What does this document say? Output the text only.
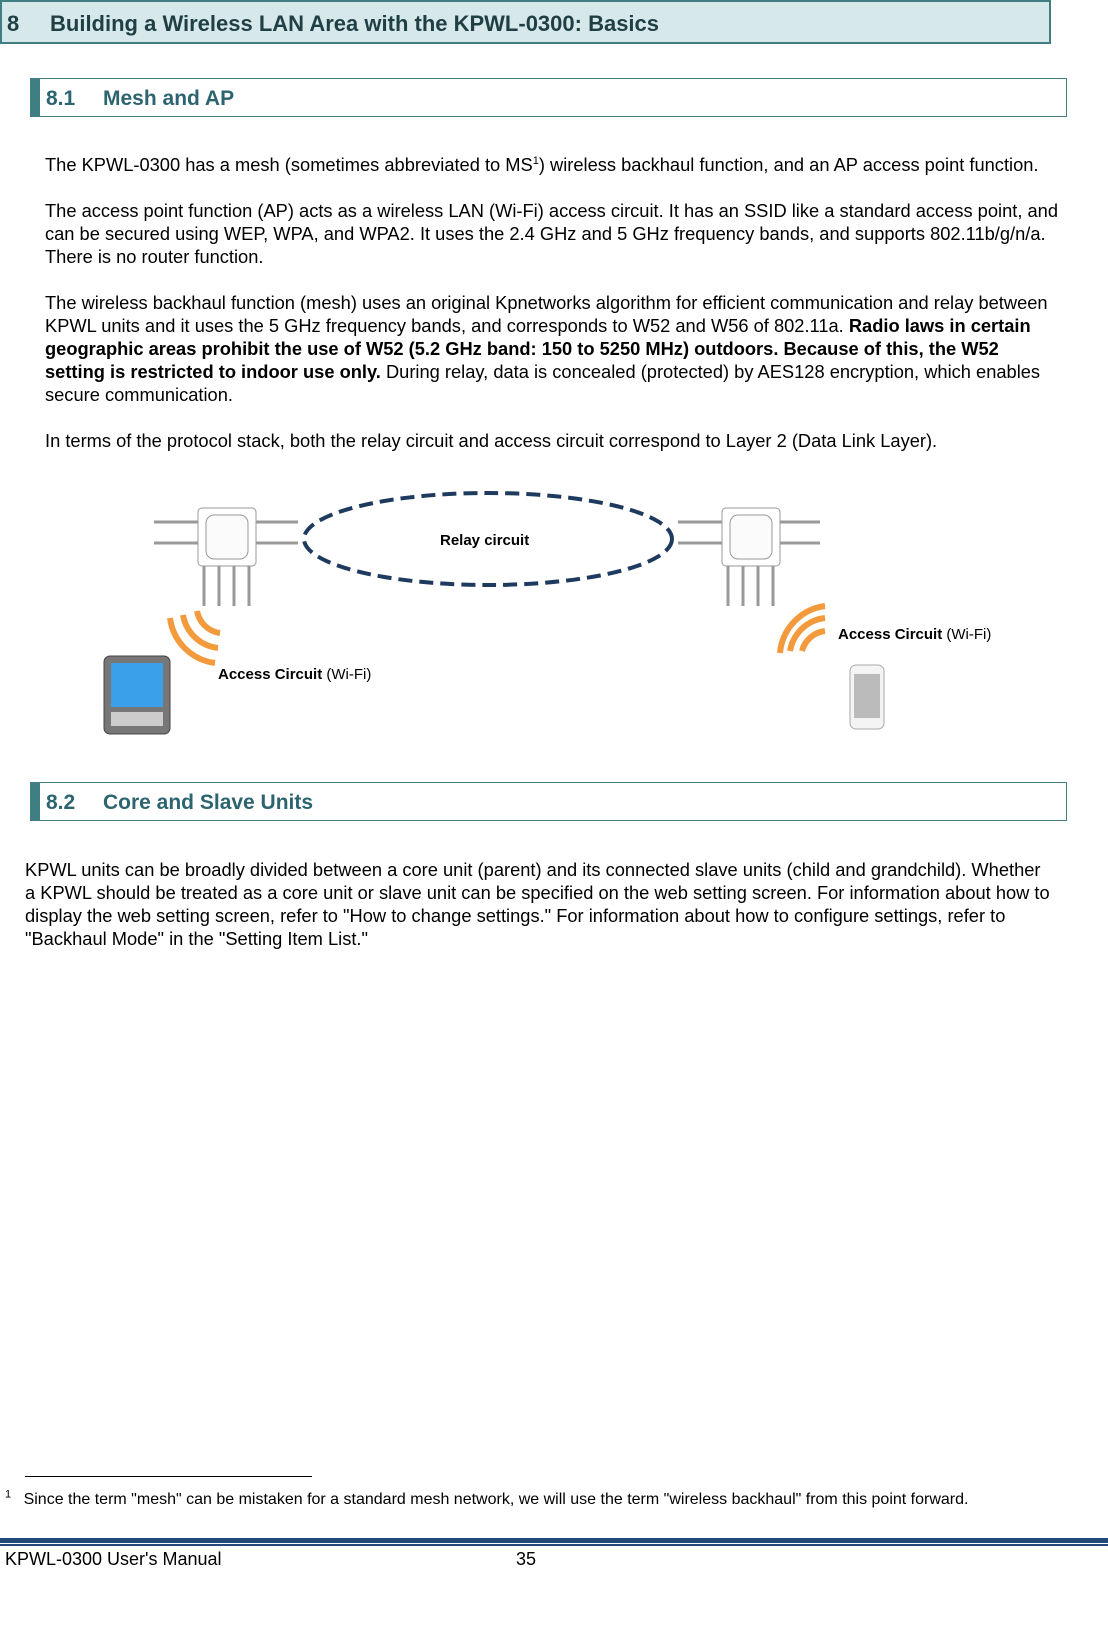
8 Building a Wireless LAN Area with the KPWL-0300: Basics
8.1 Mesh and AP

The KPWL-0300 has a mesh (sometimes abbreviated to $MS^1$) wireless backhaul function, and an AP access point function.

The access point function (AP) acts as a wireless LAN (Wi-Fi) access circuit. It has an SSID like a standard access point, and can be secured using WEP, WPA, and WPA2. It uses the 2.4 GHz and 5 GHz frequency bands, and supports 802.11b/g/n/a. There is no router function.

The wireless backhaul function (mesh) uses an original Kpnetworks algorithm for efficient communication and relay between KPWL units and it uses the 5 GHz frequency bands, and corresponds to W52 and W56 of 802.11a. Radio laws in certain geographic areas prohibit the use of W52 (5.2 GHz band: 150 to 5250 MHz) outdoors. Because of this, the W52 setting is restricted to indoor use only. During relay, data is concealed (protected) by AES128 encryption, which enables secure communication.

In terms of the protocol stack, both the relay circuit and access circuit correspond to Layer 2 (Data Link Layer).

Relay circuit
Access Circuit (Wi-Fi)
Access Circuit (Wi-Fi)
8.2 Core and Slave Units

KPWL units can be broadly divided between a core unit (parent) and its connected slave units (child and grandchild). Whether a KPWL should be treated as a core unit or slave unit can be specified on the web setting screen. For information about how to display the web setting screen, refer to "How to change settings." For information about how to configure settings, refer to "Backhaul Mode" in the "Setting Item List."

$^1$ Since the term "mesh" can be mistaken for a standard mesh network, we will use the term "wireless backhaul" from this point forward.
KPWL-0300 User's Manual	35
